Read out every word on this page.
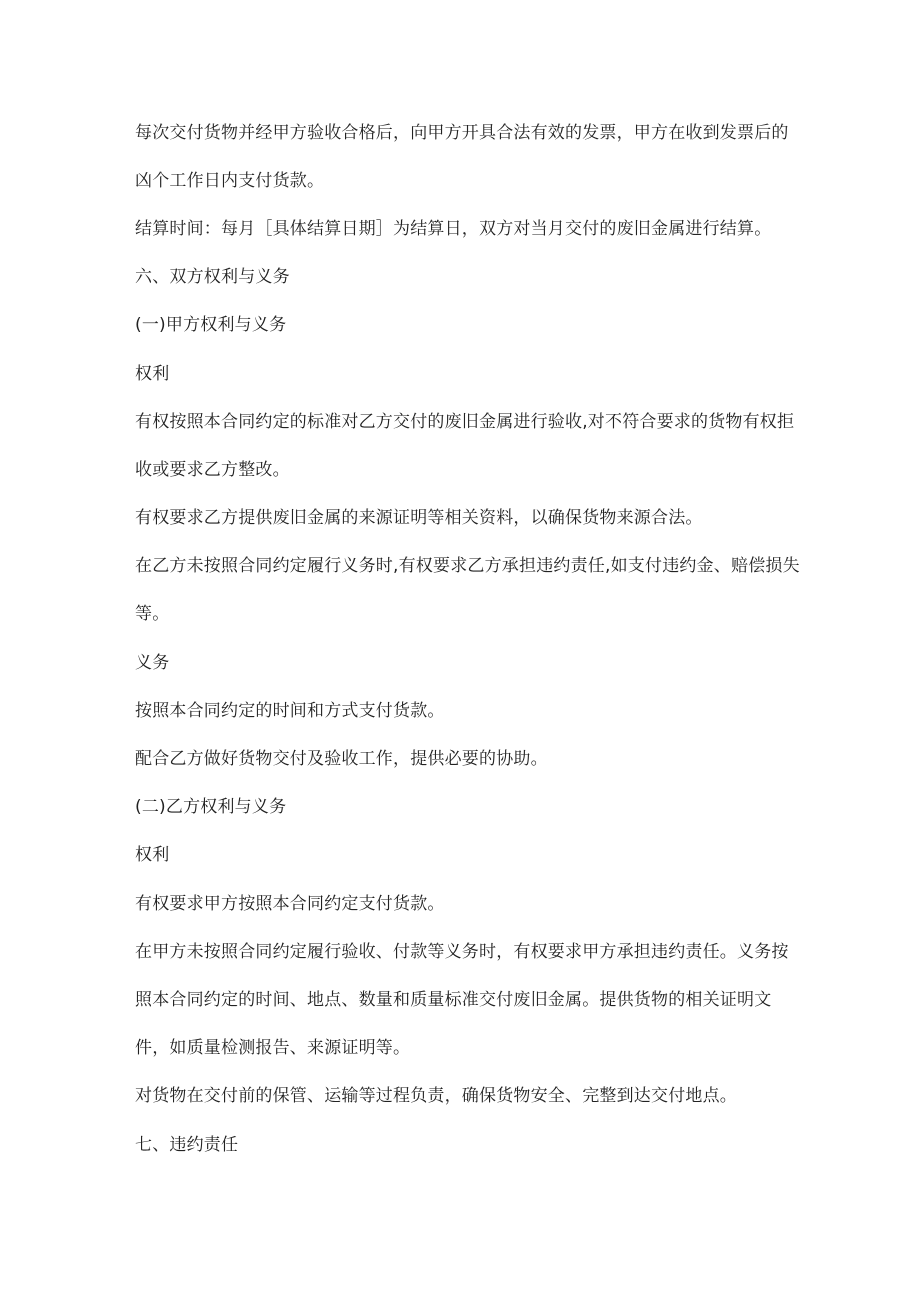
每次交付货物并经甲方验收合格后，向甲方开具合法有效的发票，甲方在收到发票后的
凶个工作日内支付货款。
结算时间：每月［具体结算日期］为结算日，双方对当月交付的废旧金属进行结算。
六、双方权利与义务
(一)甲方权利与义务
权利
有权按照本合同约定的标准对乙方交付的废旧金属进行验收,对不符合要求的货物有权拒
收或要求乙方整改。
有权要求乙方提供废旧金属的来源证明等相关资料，以确保货物来源合法。
在乙方未按照合同约定履行义务时,有权要求乙方承担违约责任,如支付违约金、赔偿损失
等。
义务
按照本合同约定的时间和方式支付货款。
配合乙方做好货物交付及验收工作，提供必要的协助。
(二)乙方权利与义务
权利
有权要求甲方按照本合同约定支付货款。
在甲方未按照合同约定履行验收、付款等义务时，有权要求甲方承担违约责任。义务按
照本合同约定的时间、地点、数量和质量标准交付废旧金属。提供货物的相关证明文
件，如质量检测报告、来源证明等。
对货物在交付前的保管、运输等过程负责，确保货物安全、完整到达交付地点。
七、违约责任
